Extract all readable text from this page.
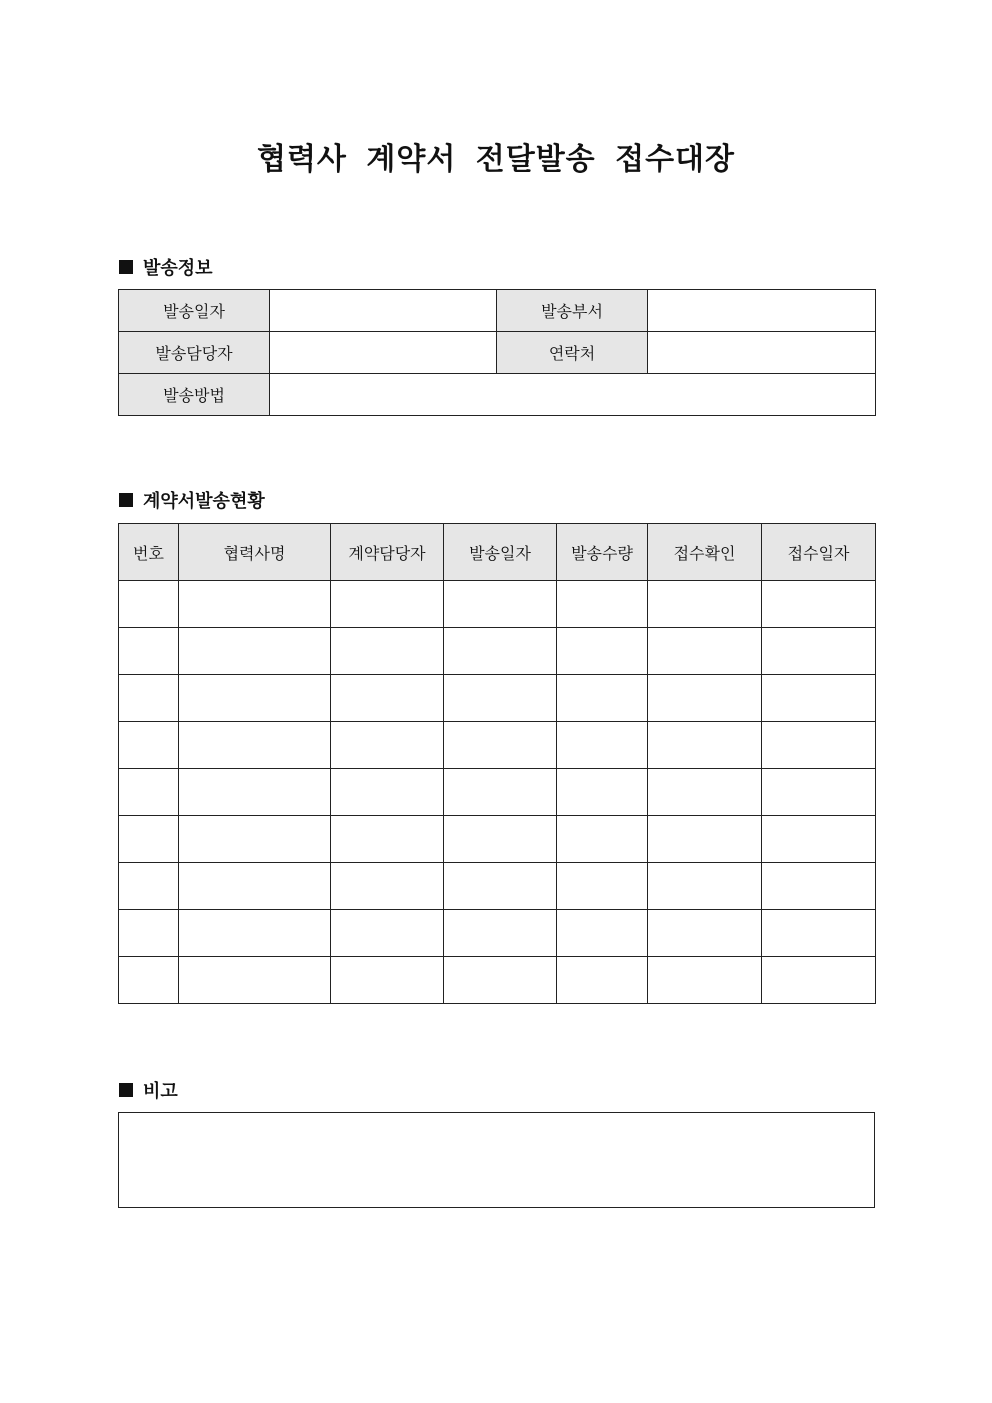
협력사 계약서 전달발송 접수대장
발송정보
발송일자		발송부서	
발송담당자		연락처	
발송방법			
계약서발송현황
번호	협력사명	계약담당자	발송일자	발송수량	접수확인	접수일자

비고
